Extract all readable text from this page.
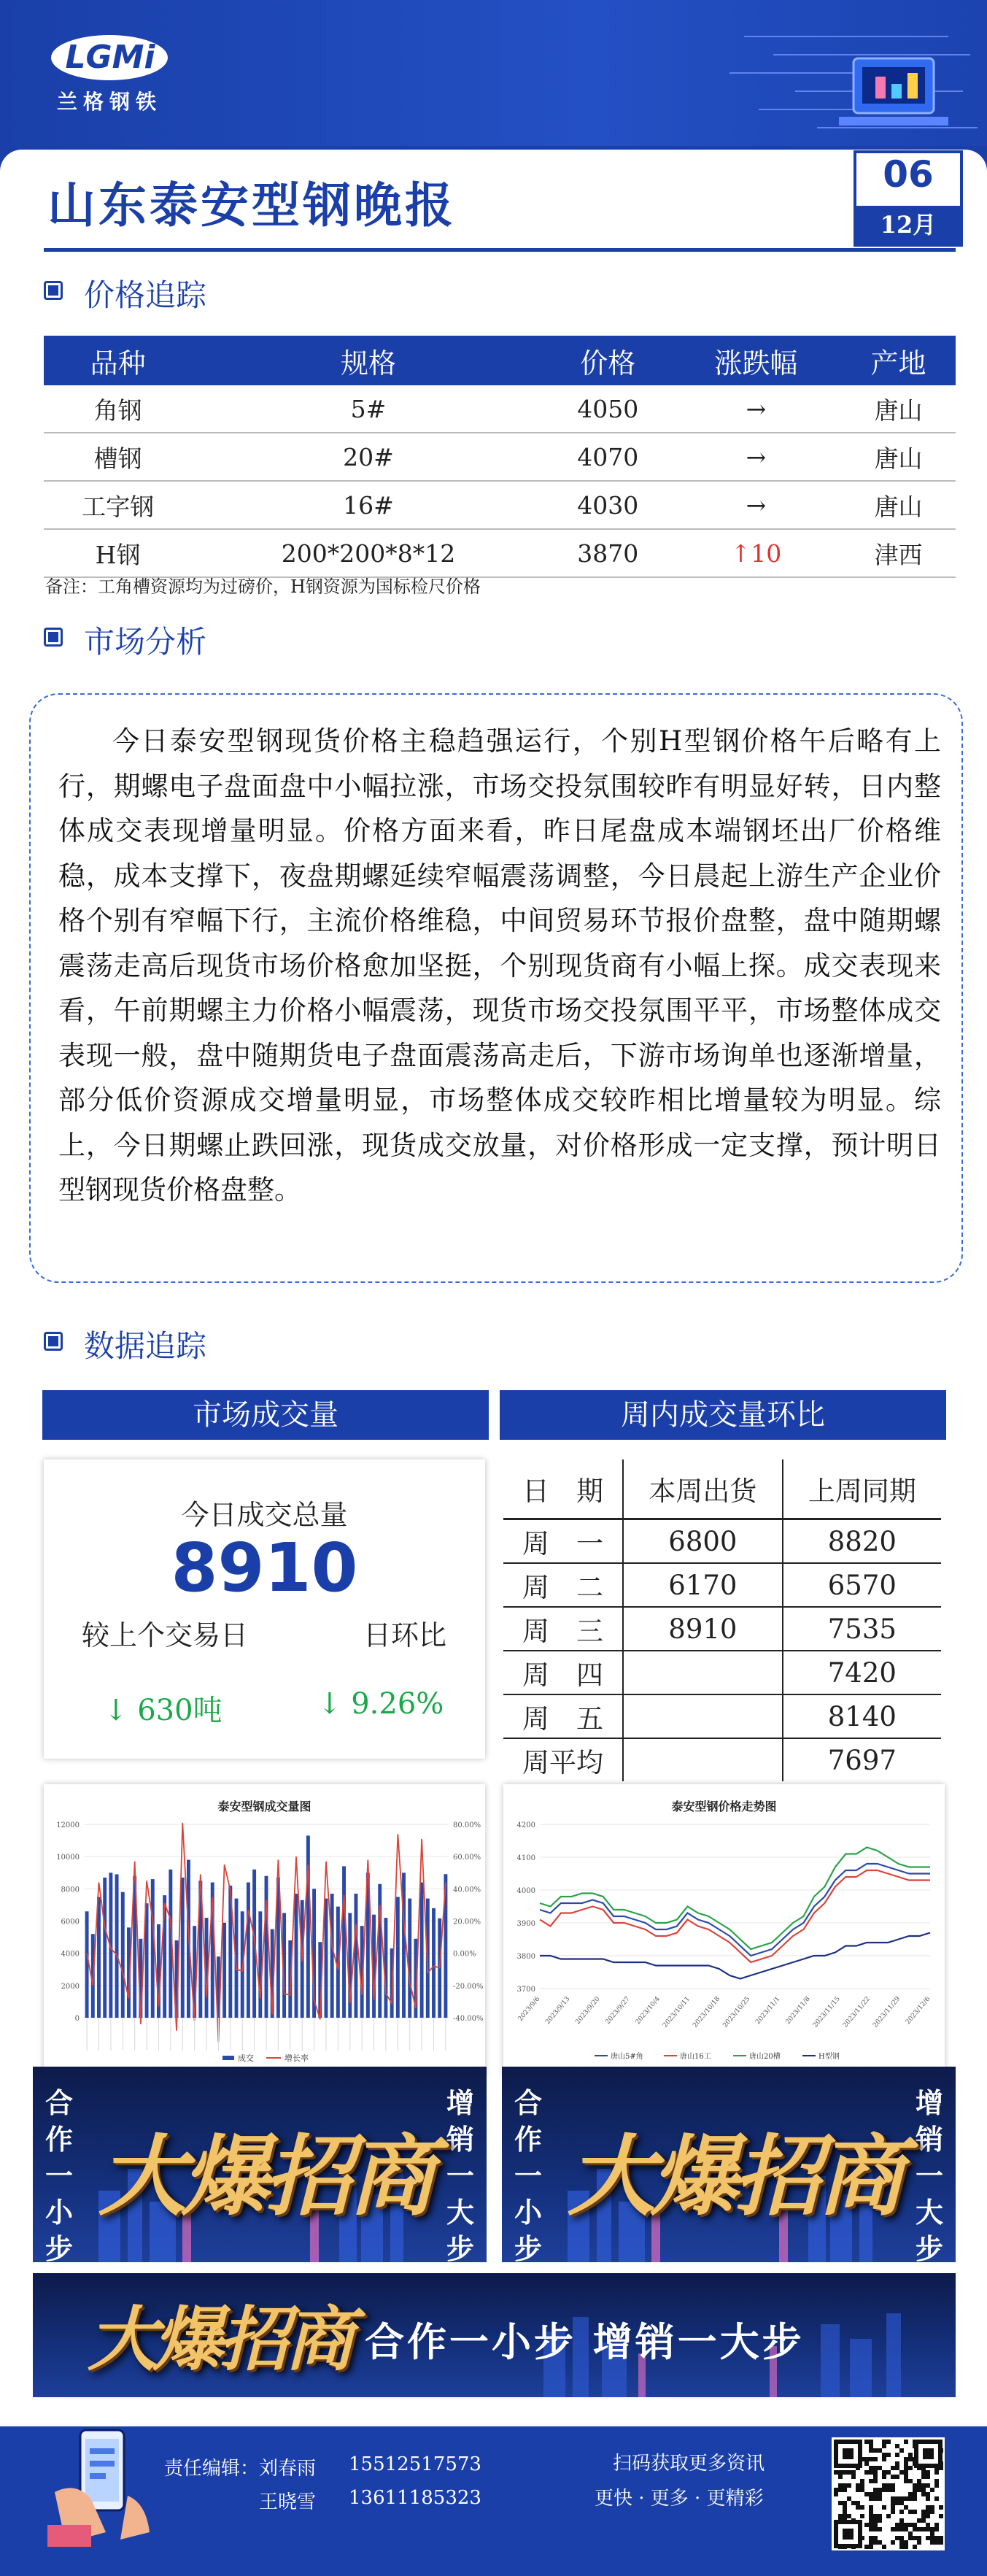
LGMi
兰格钢铁
山东泰安型钢晚报
06
12月
价格追踪
品种	规格	价格	涨跌幅	产地
角钢	5#	4050	→	唐山
槽钢	20#	4070	→	唐山
工字钢	16#	4030	→	唐山
H钢	200*200*8*12	3870	↑10	津西
备注：工角槽资源均为过磅价，H钢资源为国标检尺价格
市场分析
今日泰安型钢现货价格主稳趋强运行，个别H型钢价格午后略有上行，期螺电子盘面盘中小幅拉涨，市场交投氛围较昨有明显好转，日内整体成交表现增量明显。价格方面来看，昨日尾盘成本端钢坯出厂价格维稳，成本支撑下，夜盘期螺延续窄幅震荡调整，今日晨起上游生产企业价格个别有窄幅下行，主流价格维稳，中间贸易环节报价盘整，盘中随期螺震荡走高后现货市场价格愈加坚挺，个别现货商有小幅上探。成交表现来看，午前期螺主力价格小幅震荡，现货市场交投氛围平平，市场整体成交表现一般，盘中随期货电子盘面震荡高走后，下游市场询单也逐渐增量，部分低价资源成交增量明显，市场整体成交较昨相比增量较为明显。综上，今日期螺止跌回涨，现货成交放量，对价格形成一定支撑，预计明日型钢现货价格盘整。
数据追踪
市场成交量	周内成交量环比
今日成交总量
8910
较上个交易日	日环比
↓ 630吨	↓ 9.26%
日　期	本周出货	上周同期
周　一	6800	8820
周　二	6170	6570
周　三	8910	7535
周　四		7420
周　五		8140
周平均		7697
泰安型钢成交量图
0
2000
4000
6000
8000
10000
12000
-40.00%
-20.00%
0.00%
20.00%
40.00%
60.00%
80.00%
成交	增长率
泰安型钢价格走势图
3700
3800
3900
4000
4100
4200
2023/9/6 2023/9/13 2023/9/20 2023/9/27 2023/10/4 2023/10/11 2023/10/18 2023/10/25 2023/11/1 2023/11/8 2023/11/15 2023/11/22 2023/11/29 2023/12/6
唐山5#角	唐山16工	唐山20槽	H型钢
合作一小步
增销一大步
大爆招商
合作一小步
增销一大步
大爆招商
大爆招商 合作一小步 增销一大步
责任编辑： 刘春雨 15512517573
王晓雪 13611185323
扫码获取更多资讯
更快 · 更多 · 更精彩
